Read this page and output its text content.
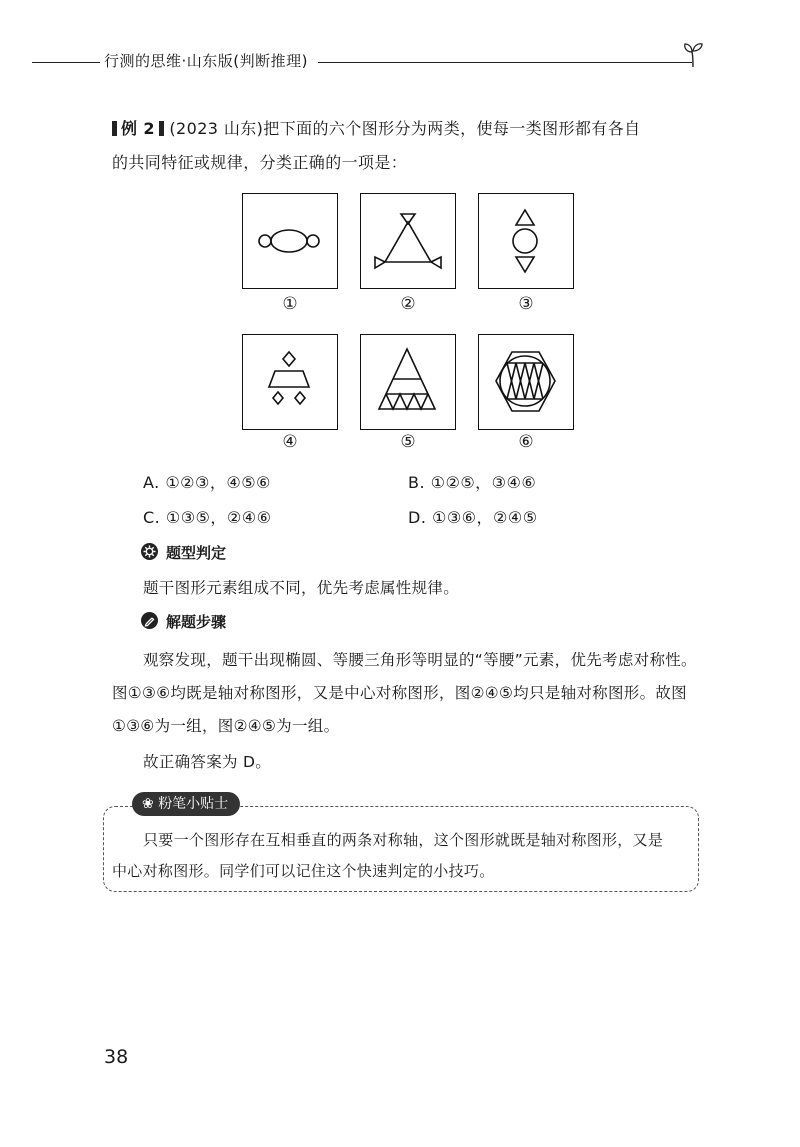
行测的思维·山东版(判断推理)
例 2 (2023 山东)把下面的六个图形分为两类，使每一类图形都有各自
的共同特征或规律，分类正确的一项是：
①	②	③
④	⑤	⑥
A. ①②③，④⑤⑥	B. ①②⑤，③④⑥
C. ①③⑤，②④⑥	D. ①③⑥，②④⑤
题型判定
题干图形元素组成不同，优先考虑属性规律。
解题步骤
观察发现，题干出现椭圆、等腰三角形等明显的“等腰”元素，优先考虑对称性。
图①③⑥均既是轴对称图形，又是中心对称图形，图②④⑤均只是轴对称图形。故图
①③⑥为一组，图②④⑤为一组。
故正确答案为 D。
❀ 粉笔小贴士
只要一个图形存在互相垂直的两条对称轴，这个图形就既是轴对称图形，又是
中心对称图形。同学们可以记住这个快速判定的小技巧。
38
